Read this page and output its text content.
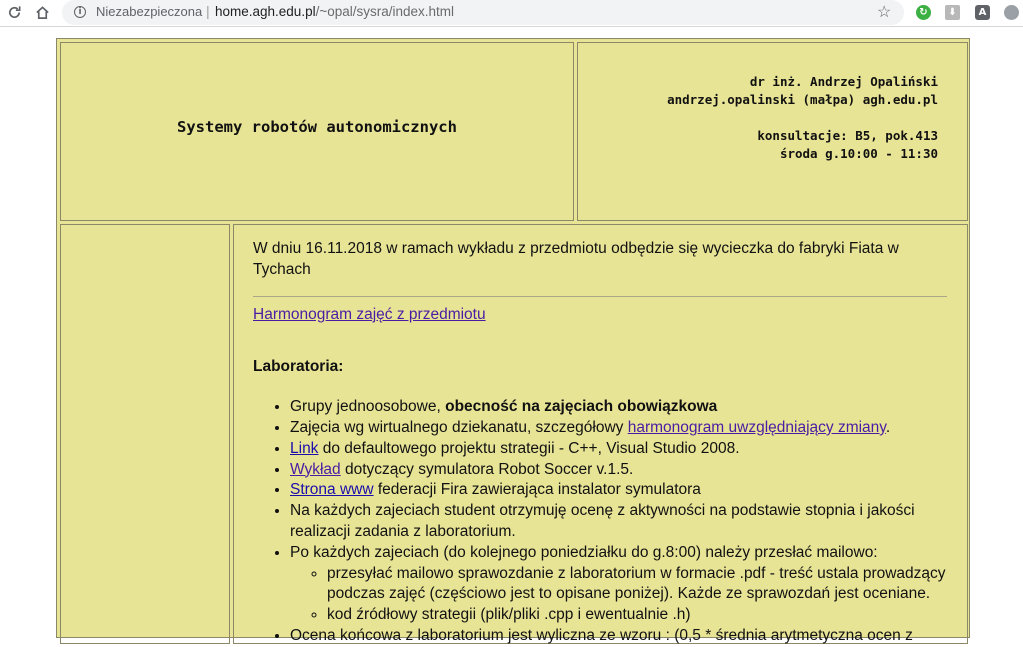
i	Niezabezpieczona | home.agh.edu.pl/~opal/sysra/index.html	☆	↻	⬇	A
Systemy robotów autonomicznych
dr inż. Andrzej Opaliński
andrzej.opalinski (małpa) agh.edu.pl
konsultacje: B5, pok.413
środa g.10:00 - 11:30

W dniu 16.11.2018 w ramach wykładu z przedmiotu odbędzie się wycieczka do fabryki Fiata w Tychach

Harmonogram zajęć z przedmiotu
Laboratoria:
• Grupy jednoosobowe, obecność na zajęciach obowiązkowa
• Zajęcia wg wirtualnego dziekanatu, szczegółowy harmonogram uwzględniający zmiany.
• Link do defaultowego projektu strategii - C++, Visual Studio 2008.
• Wykład dotyczący symulatora Robot Soccer v.1.5.
• Strona www federacji Fira zawierająca instalator symulatora
• Na każdych zajeciach student otrzymuję ocenę z aktywności na podstawie stopnia i jakości realizacji zadania z laboratorium.
• Po każdych zajeciach (do kolejnego poniedziałku do g.8:00) należy przesłać mailowo:
◦ przesyłać mailowo sprawozdanie z laboratorium w formacie .pdf - treść ustala prowadzący podczas zajęć (częściowo jest to opisane poniżej). Każde ze sprawozdań jest oceniane.
◦ kod źródłowy strategii (plik/pliki .cpp i ewentualnie .h)
• Ocena końcowa z laboratorium jest wyliczna ze wzoru : (0,5 * średnia arytmetyczna ocen z
